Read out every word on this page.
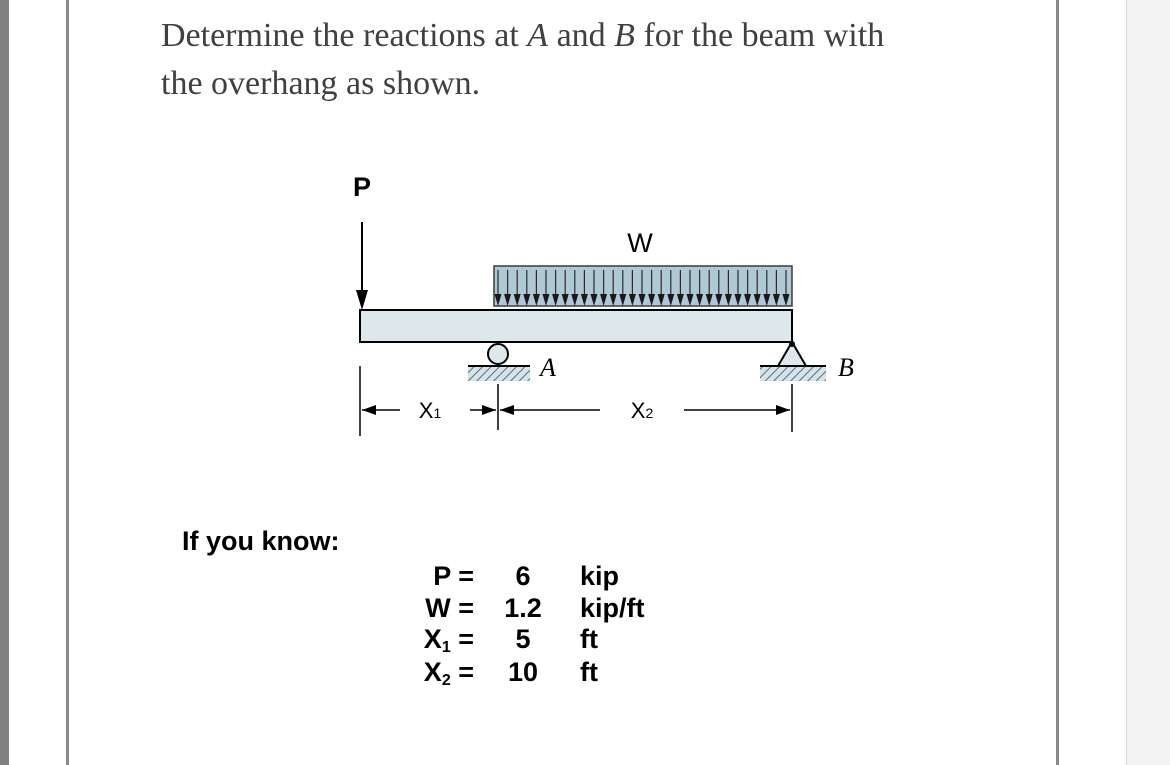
Determine the reactions at A and B for the beam with
the overhang as shown.
P
W
A	B
X1	X2
If you know:
P =	6	kip
W =	1.2	kip/ft
$X_1$ =	5	ft
$X_2$ =	10	ft
